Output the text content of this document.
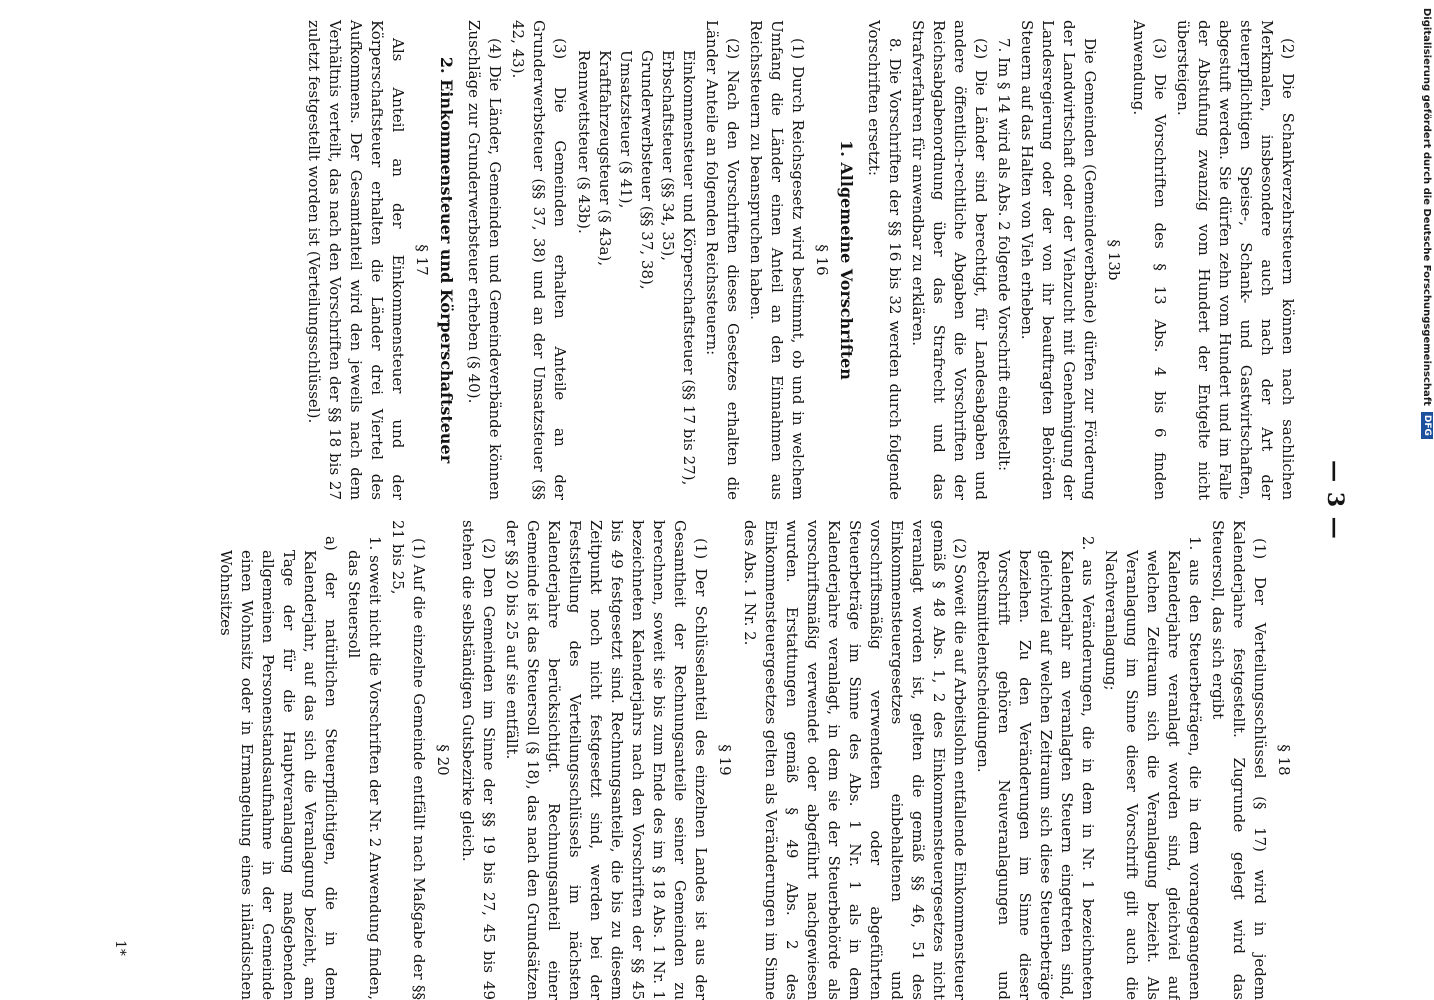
Digitalisierung gefördert durch die Deutsche Forschungsgemeinschaft
DFG
— 3 —

(2) Die Schankverzehrsteuern können nach sachlichen Merkmalen, insbesondere auch nach der Art der steuerpflichtigen Speise-, Schank- und Gastwirtschaften, abgestuft werden. Sie dürfen zehn vom Hundert und im Falle der Abstufung zwanzig vom Hundert der Entgelte nicht übersteigen.

(3) Die Vorschriften des § 13 Abs. 4 bis 6 finden Anwendung.

§ 13b

Die Gemeinden (Gemeindeverbände) dürfen zur Förderung der Landwirtschaft oder der Viehzucht mit Genehmigung der Landesregierung oder der von ihr beauftragten Behörden Steuern auf das Halten von Vieh erheben.

7. Im § 14 wird als Abs. 2 folgende Vorschrift eingestellt:

(2) Die Länder sind berechtigt, für Landesabgaben und andere öffentlich-rechtliche Abgaben die Vorschriften der Reichsabgabenordnung über das Strafrecht und das Strafverfahren für anwendbar zu erklären.

8. Die Vorschriften der §§ 16 bis 32 werden durch folgende Vorschriften ersetzt:

1. Allgemeine Vorschriften
§ 16

(1) Durch Reichsgesetz wird bestimmt, ob und in welchem Umfang die Länder einen Anteil an den Einnahmen aus Reichssteuern zu beanspruchen haben.

(2) Nach den Vorschriften dieses Gesetzes erhalten die Länder Anteile an folgenden Reichssteuern:

Einkommensteuer und Körperschaftsteuer (§§ 17 bis 27),
Erbschaftsteuer (§§ 34, 35),
Grunderwerbsteuer (§§ 37, 38),
Umsatzsteuer (§ 41),
Kraftfahrzeugsteuer (§ 43a),
Rennwettsteuer (§ 43b).

(3) Die Gemeinden erhalten Anteile an der Grunderwerbsteuer (§§ 37, 38) und an der Umsatzsteuer (§§ 42, 43).

(4) Die Länder, Gemeinden und Gemeindeverbände können Zuschläge zur Grunderwerbsteuer erheben (§ 40).

2. Einkommensteuer und Körperschaftsteuer
§ 17

Als Anteil an der Einkommensteuer und der Körperschaftsteuer erhalten die Länder drei Viertel des Aufkommens. Der Gesamtanteil wird den jeweils nach dem Verhältnis verteilt, das nach den Vorschriften der §§ 18 bis 27 zuletzt festgestellt worden ist (Verteilungsschlüssel).

§ 18

(1) Der Verteilungsschlüssel (§ 17) wird in jedem Kalenderjahre festgestellt. Zugrunde gelegt wird das Steuersoll, das sich ergibt

1. aus den Steuerbeträgen, die in dem vorangegangenen Kalenderjahre veranlagt worden sind, gleichviel auf welchen Zeitraum sich die Veranlagung bezieht. Als Veranlagung im Sinne dieser Vorschrift gilt auch die Nachveranlagung;

2. aus Veränderungen, die in dem in Nr. 1 bezeichneten Kalenderjahr an veranlagten Steuern eingetreten sind, gleichviel auf welchen Zeitraum sich diese Steuerbeträge beziehen. Zu den Veränderungen im Sinne dieser Vorschrift gehören Neuveranlagungen und Rechtsmittelentscheidungen.

(2) Soweit die auf Arbeitslohn entfallende Einkommensteuer gemäß § 48 Abs. 1, 2 des Einkommensteuergesetzes nicht veranlagt worden ist, gelten die gemäß §§ 46, 51 des Einkommensteuergesetzes einbehaltenen und vorschriftsmäßig verwendeten oder abgeführten Steuerbeträge im Sinne des Abs. 1 Nr. 1 als in dem Kalenderjahre veranlagt, in dem sie der Steuerbehörde als vorschriftsmäßig verwendet oder abgeführt nachgewiesen wurden. Erstattungen gemäß § 49 Abs. 2 des Einkommensteuergesetzes gelten als Veränderungen im Sinne des Abs. 1 Nr. 2.

§ 19

(1) Der Schlüsselanteil des einzelnen Landes ist aus der Gesamtheit der Rechnungsanteile seiner Gemeinden zu berechnen, soweit sie bis zum Ende des im § 18 Abs. 1 Nr. 1 bezeichneten Kalenderjahrs nach den Vorschriften der §§ 45 bis 49 festgesetzt sind. Rechnungsanteile, die bis zu diesem Zeitpunkt noch nicht festgesetzt sind, werden bei der Feststellung des Verteilungsschlüssels im nächsten Kalenderjahre berücksichtigt. Rechnungsanteil einer Gemeinde ist das Steuersoll (§ 18), das nach den Grundsätzen der §§ 20 bis 25 auf sie entfällt.

(2) Den Gemeinden im Sinne der §§ 19 bis 27, 45 bis 49 stehen die selbständigen Gutsbezirke gleich.

§ 20

(1) Auf die einzelne Gemeinde entfällt nach Maßgabe der §§ 21 bis 25,

1. soweit nicht die Vorschriften der Nr. 2 Anwendung finden, das Steuersoll

a) der natürlichen Steuerpflichtigen, die in dem Kalenderjahr, auf das sich die Veranlagung bezieht, am Tage der für die Hauptveranlagung maßgebenden allgemeinen Personenstandsaufnahme in der Gemeinde einen Wohnsitz oder in Ermangelung eines inländischen Wohnsitzes

1*
